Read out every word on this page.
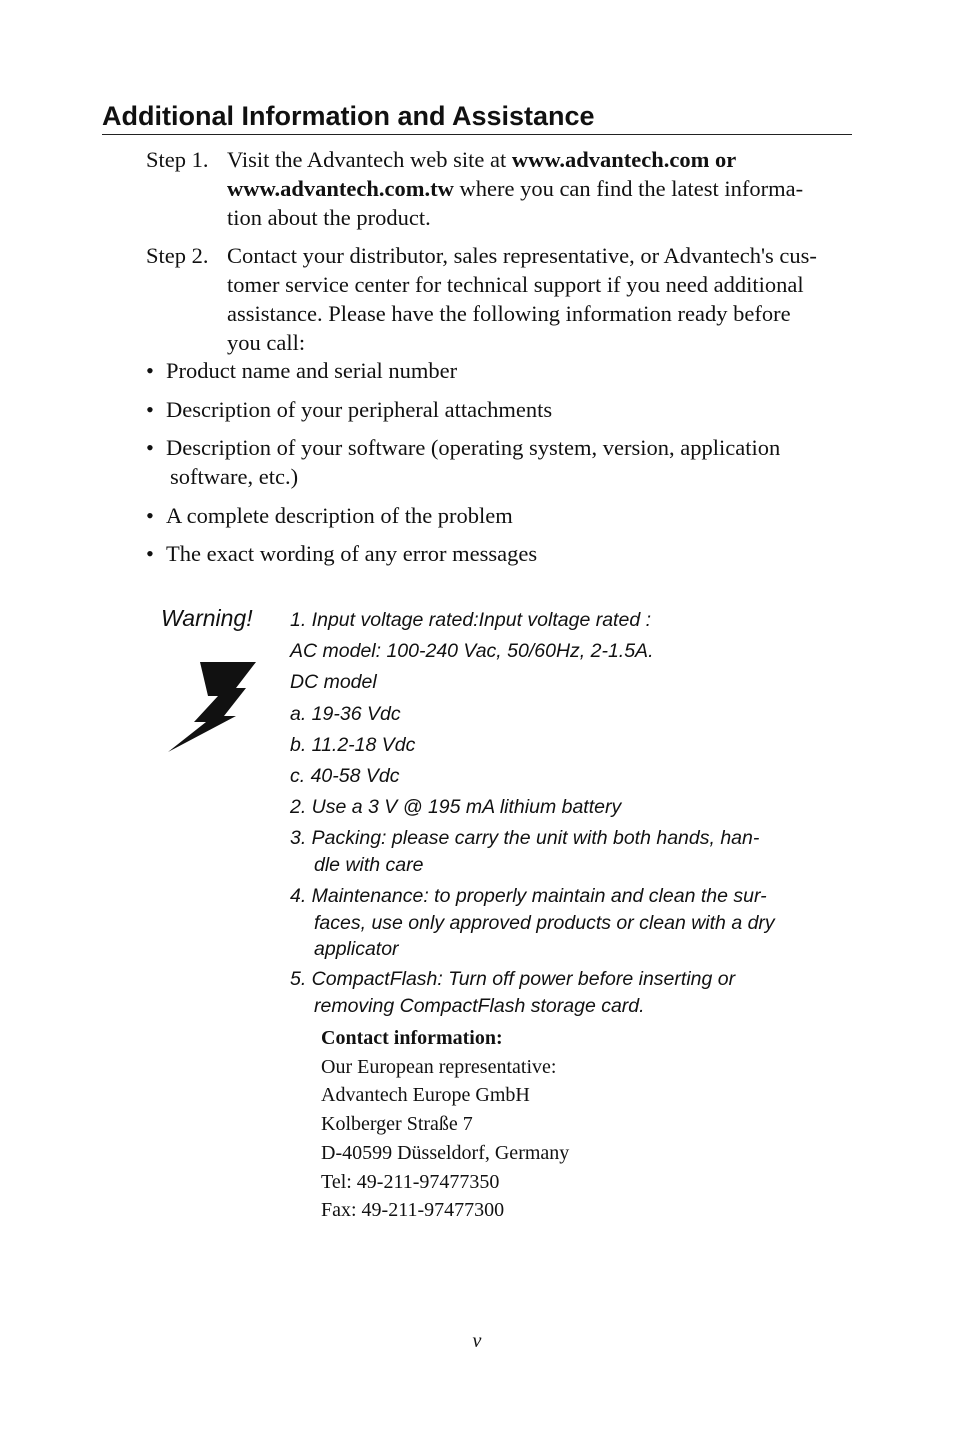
Additional Information and Assistance
Step 1. Visit the Advantech web site at www.advantech.com or
www.advantech.com.tw where you can find the latest informa-
tion about the product.
Step 2. Contact your distributor, sales representative, or Advantech's cus-
tomer service center for technical support if you need additional
assistance. Please have the following information ready before
you call:
• Product name and serial number
• Description of your peripheral attachments
• Description of your software (operating system, version, application
software, etc.)
• A complete description of the problem
• The exact wording of any error messages
Warning! 1. Input voltage rated:Input voltage rated :
AC model: 100-240 Vac, 50/60Hz, 2-1.5A.
DC model
a. 19-36 Vdc
b. 11.2-18 Vdc
c. 40-58 Vdc
2. Use a 3 V @ 195 mA lithium battery
3. Packing: please carry the unit with both hands, han-
dle with care
4. Maintenance: to properly maintain and clean the sur-
faces, use only approved products or clean with a dry
applicator
5. CompactFlash: Turn off power before inserting or
removing CompactFlash storage card.
Contact information:
Our European representative:
Advantech Europe GmbH
Kolberger Straße 7
D-40599 Düsseldorf, Germany
Tel: 49-211-97477350
Fax: 49-211-97477300
v
